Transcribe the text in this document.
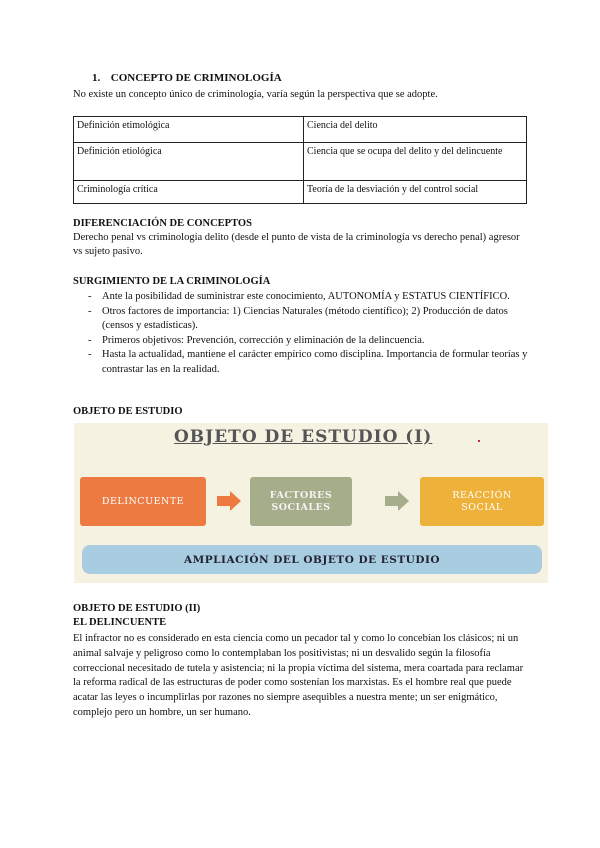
1. CONCEPTO DE CRIMINOLOGÍA
No existe un concepto único de criminología, varía según la perspectiva que se adopte.
Definición etimológica	Ciencia del delito
Definición etiológica	Ciencia que se ocupa del delito y del delincuente
Criminología crítica	Teoría de la desviación y del control social
DIFERENCIACIÓN DE CONCEPTOS
Derecho penal vs criminología delito (desde el punto de vista de la criminología vs derecho penal) agresor vs sujeto pasivo.
SURGIMIENTO DE LA CRIMINOLOGÍA
- Ante la posibilidad de suministrar este conocimiento, AUTONOMÍA y ESTATUS CIENTÍFICO.
- Otros factores de importancia: 1) Ciencias Naturales (método científico); 2) Producción de datos (censos y estadísticas).
- Primeros objetivos: Prevención, corrección y eliminación de la delincuencia.
- Hasta la actualidad, mantiene el carácter empírico como disciplina. Importancia de formular teorías y contrastar las en la realidad.
OBJETO DE ESTUDIO
OBJETO DE ESTUDIO (I)
DELINCUENTE
FACTORES
SOCIALES
REACCIÓN
SOCIAL
AMPLIACIÓN DEL OBJETO DE ESTUDIO
OBJETO DE ESTUDIO (II)
EL DELINCUENTE
El infractor no es considerado en esta ciencia como un pecador tal y como lo concebían los clásicos; ni un animal salvaje y peligroso como lo contemplaban los positivistas; ni un desvalido según la filosofía correccional necesitado de tutela y asistencia; ni la propia víctima del sistema, mera coartada para reclamar la reforma radical de las estructuras de poder como sostenían los marxistas. Es el hombre real que puede acatar las leyes o incumplirlas por razones no siempre asequibles a nuestra mente; un ser enigmático, complejo pero un hombre, un ser humano.
